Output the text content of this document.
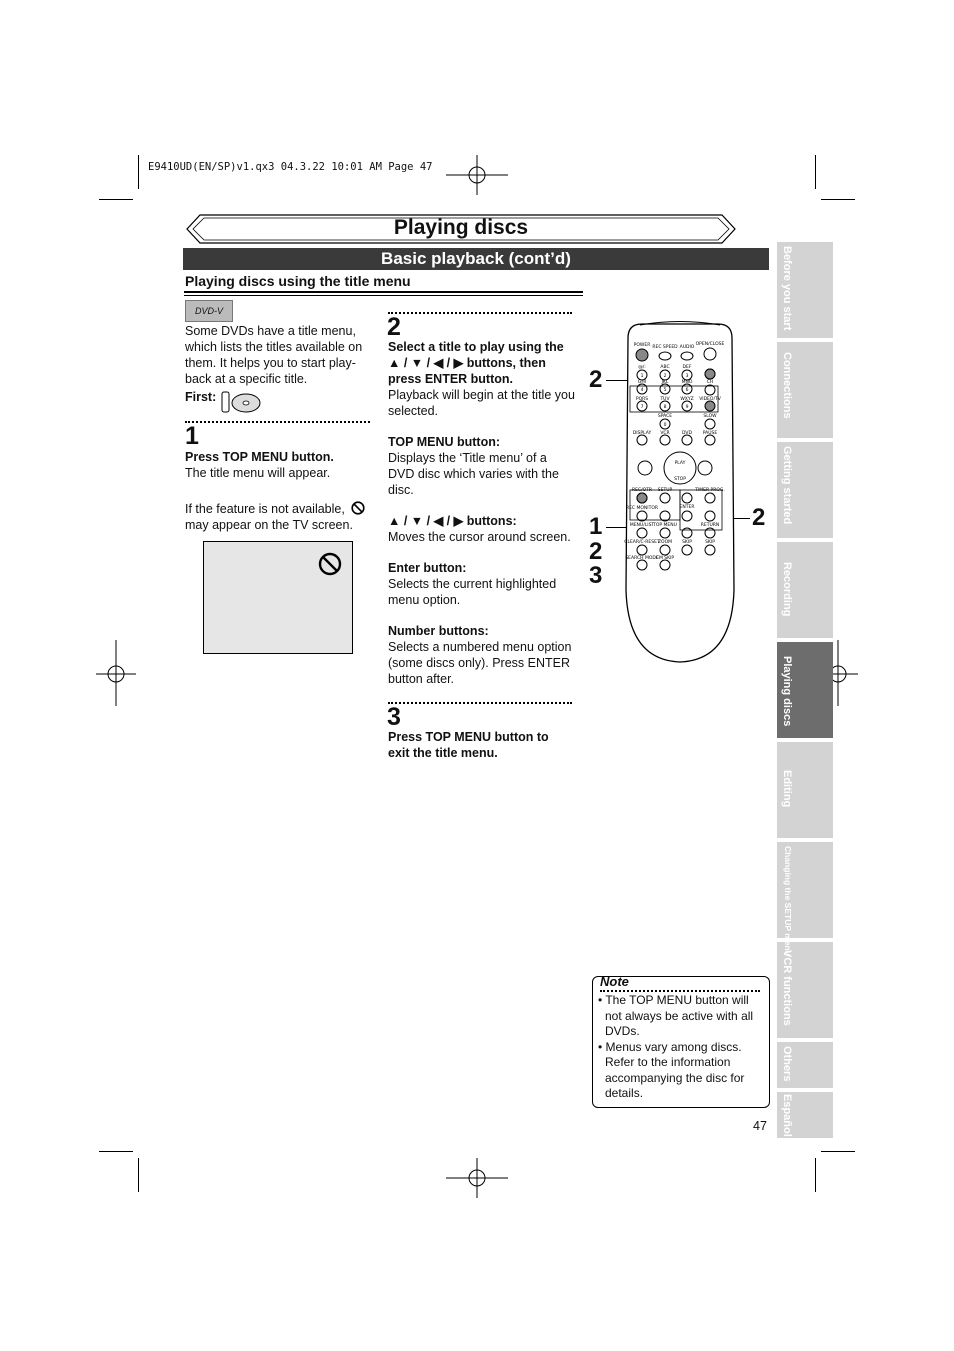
E9410UD(EN/SP)v1.qx3 04.3.22 10:01 AM Page 47
Playing discs
Basic playback (cont’d)
Playing discs using the title menu
DVD-V
Some DVDs have a title menu,
which lists the titles available on
them. It helps you to start play-
back at a specific title.
First:
1
Press TOP MENU button.
The title menu will appear.
If the feature is not available,
may appear on the TV screen.
2
Select a title to play using the
▲ / ▼ / ◀ / ▶ buttons, then
press ENTER button.
Playback will begin at the title you
selected.
TOP MENU button:
Displays the ‘Title menu’ of a
DVD disc which varies with the
disc.
▲ / ▼ / ◀ / ▶ buttons:
Moves the cursor around screen.
Enter button:
Selects the current highlighted
menu option.
Number buttons:
Selects a numbered menu option
(some discs only). Press ENTER
button after.
3
Press TOP MENU button to
exit the title menu.
2
1
2
3
2
POWER REC SPEED AUDIO
OPEN/CLOSE
@/:	ABC	DEF
GHI	JKL	MNO	CH
PQRS	TUV WXYZ VIDEO/TV
1	2	3
4	5	6
7	8	9
0
SPACE	SLOW
DISPLAY VCR	DVD PAUSE
PLAY
STOP
REC/OTR SETUP	TIMER PROG.
REC MONITOR	ENTER
MENU/LIST
TOP MENU	RETURN
CLEAR/C-RESET
ZOOM SKIP	SKIP
SEARCH MODE
CM SKIP
Before you start
Connections
Getting started
Recording
Playing discs
Editing
Changing the SETUP menu
VCR functions
Others
Español
Note
• The TOP MENU button will
not always be active with all
DVDs.
• Menus vary among discs.
Refer to the information
accompanying the disc for
details.
47
